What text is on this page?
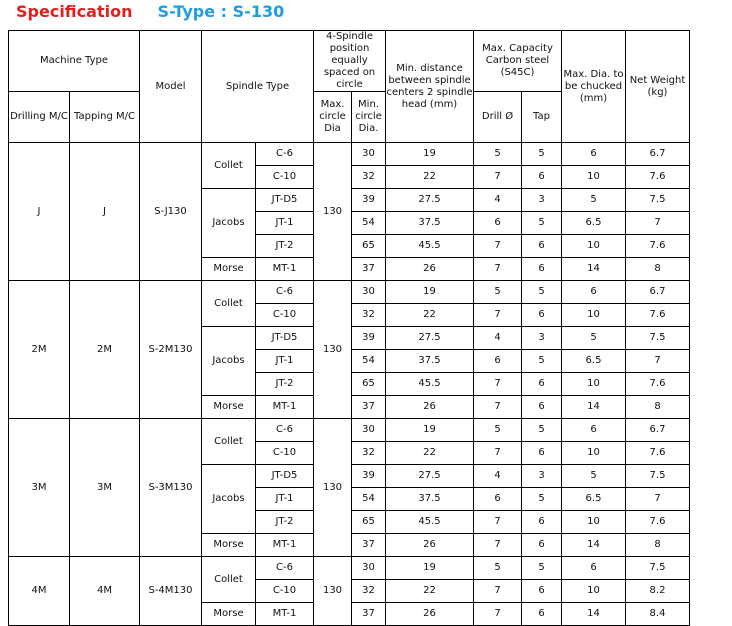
Specification S-Type : S-130
Machine Type		Model	Spindle Type		4-Spindle position equally spaced on circle		Min. distance between spindle centers 2 spindle head (mm)	Max. Capacity Carbon steel (S45C)		Max. Dia. to be chucked (mm)	Net Weight (kg)
Drilling M/C	Tapping M/C				Max. circle Dia	Min. circle Dia.		Drill Ø	Tap		
J	J	S-J130	Collet	C-6	130	30	19	5	5	6	6.7
				C-10		32	22	7	6	10	7.6
			Jacobs	JT-D5		39	27.5	4	3	5	7.5
				JT-1		54	37.5	6	5	6.5	7
				JT-2		65	45.5	7	6	10	7.6
			Morse	MT-1		37	26	7	6	14	8
2M	2M	S-2M130	Collet	C-6	130	30	19	5	5	6	6.7
				C-10		32	22	7	6	10	7.6
			Jacobs	JT-D5		39	27.5	4	3	5	7.5
				JT-1		54	37.5	6	5	6.5	7
				JT-2		65	45.5	7	6	10	7.6
			Morse	MT-1		37	26	7	6	14	8
3M	3M	S-3M130	Collet	C-6	130	30	19	5	5	6	6.7
				C-10		32	22	7	6	10	7.6
			Jacobs	JT-D5		39	27.5	4	3	5	7.5
				JT-1		54	37.5	6	5	6.5	7
				JT-2		65	45.5	7	6	10	7.6
			Morse	MT-1		37	26	7	6	14	8
4M	4M	S-4M130	Collet	C-6	130	30	19	5	5	6	7.5
				C-10		32	22	7	6	10	8.2
			Morse	MT-1		37	26	7	6	14	8.4
